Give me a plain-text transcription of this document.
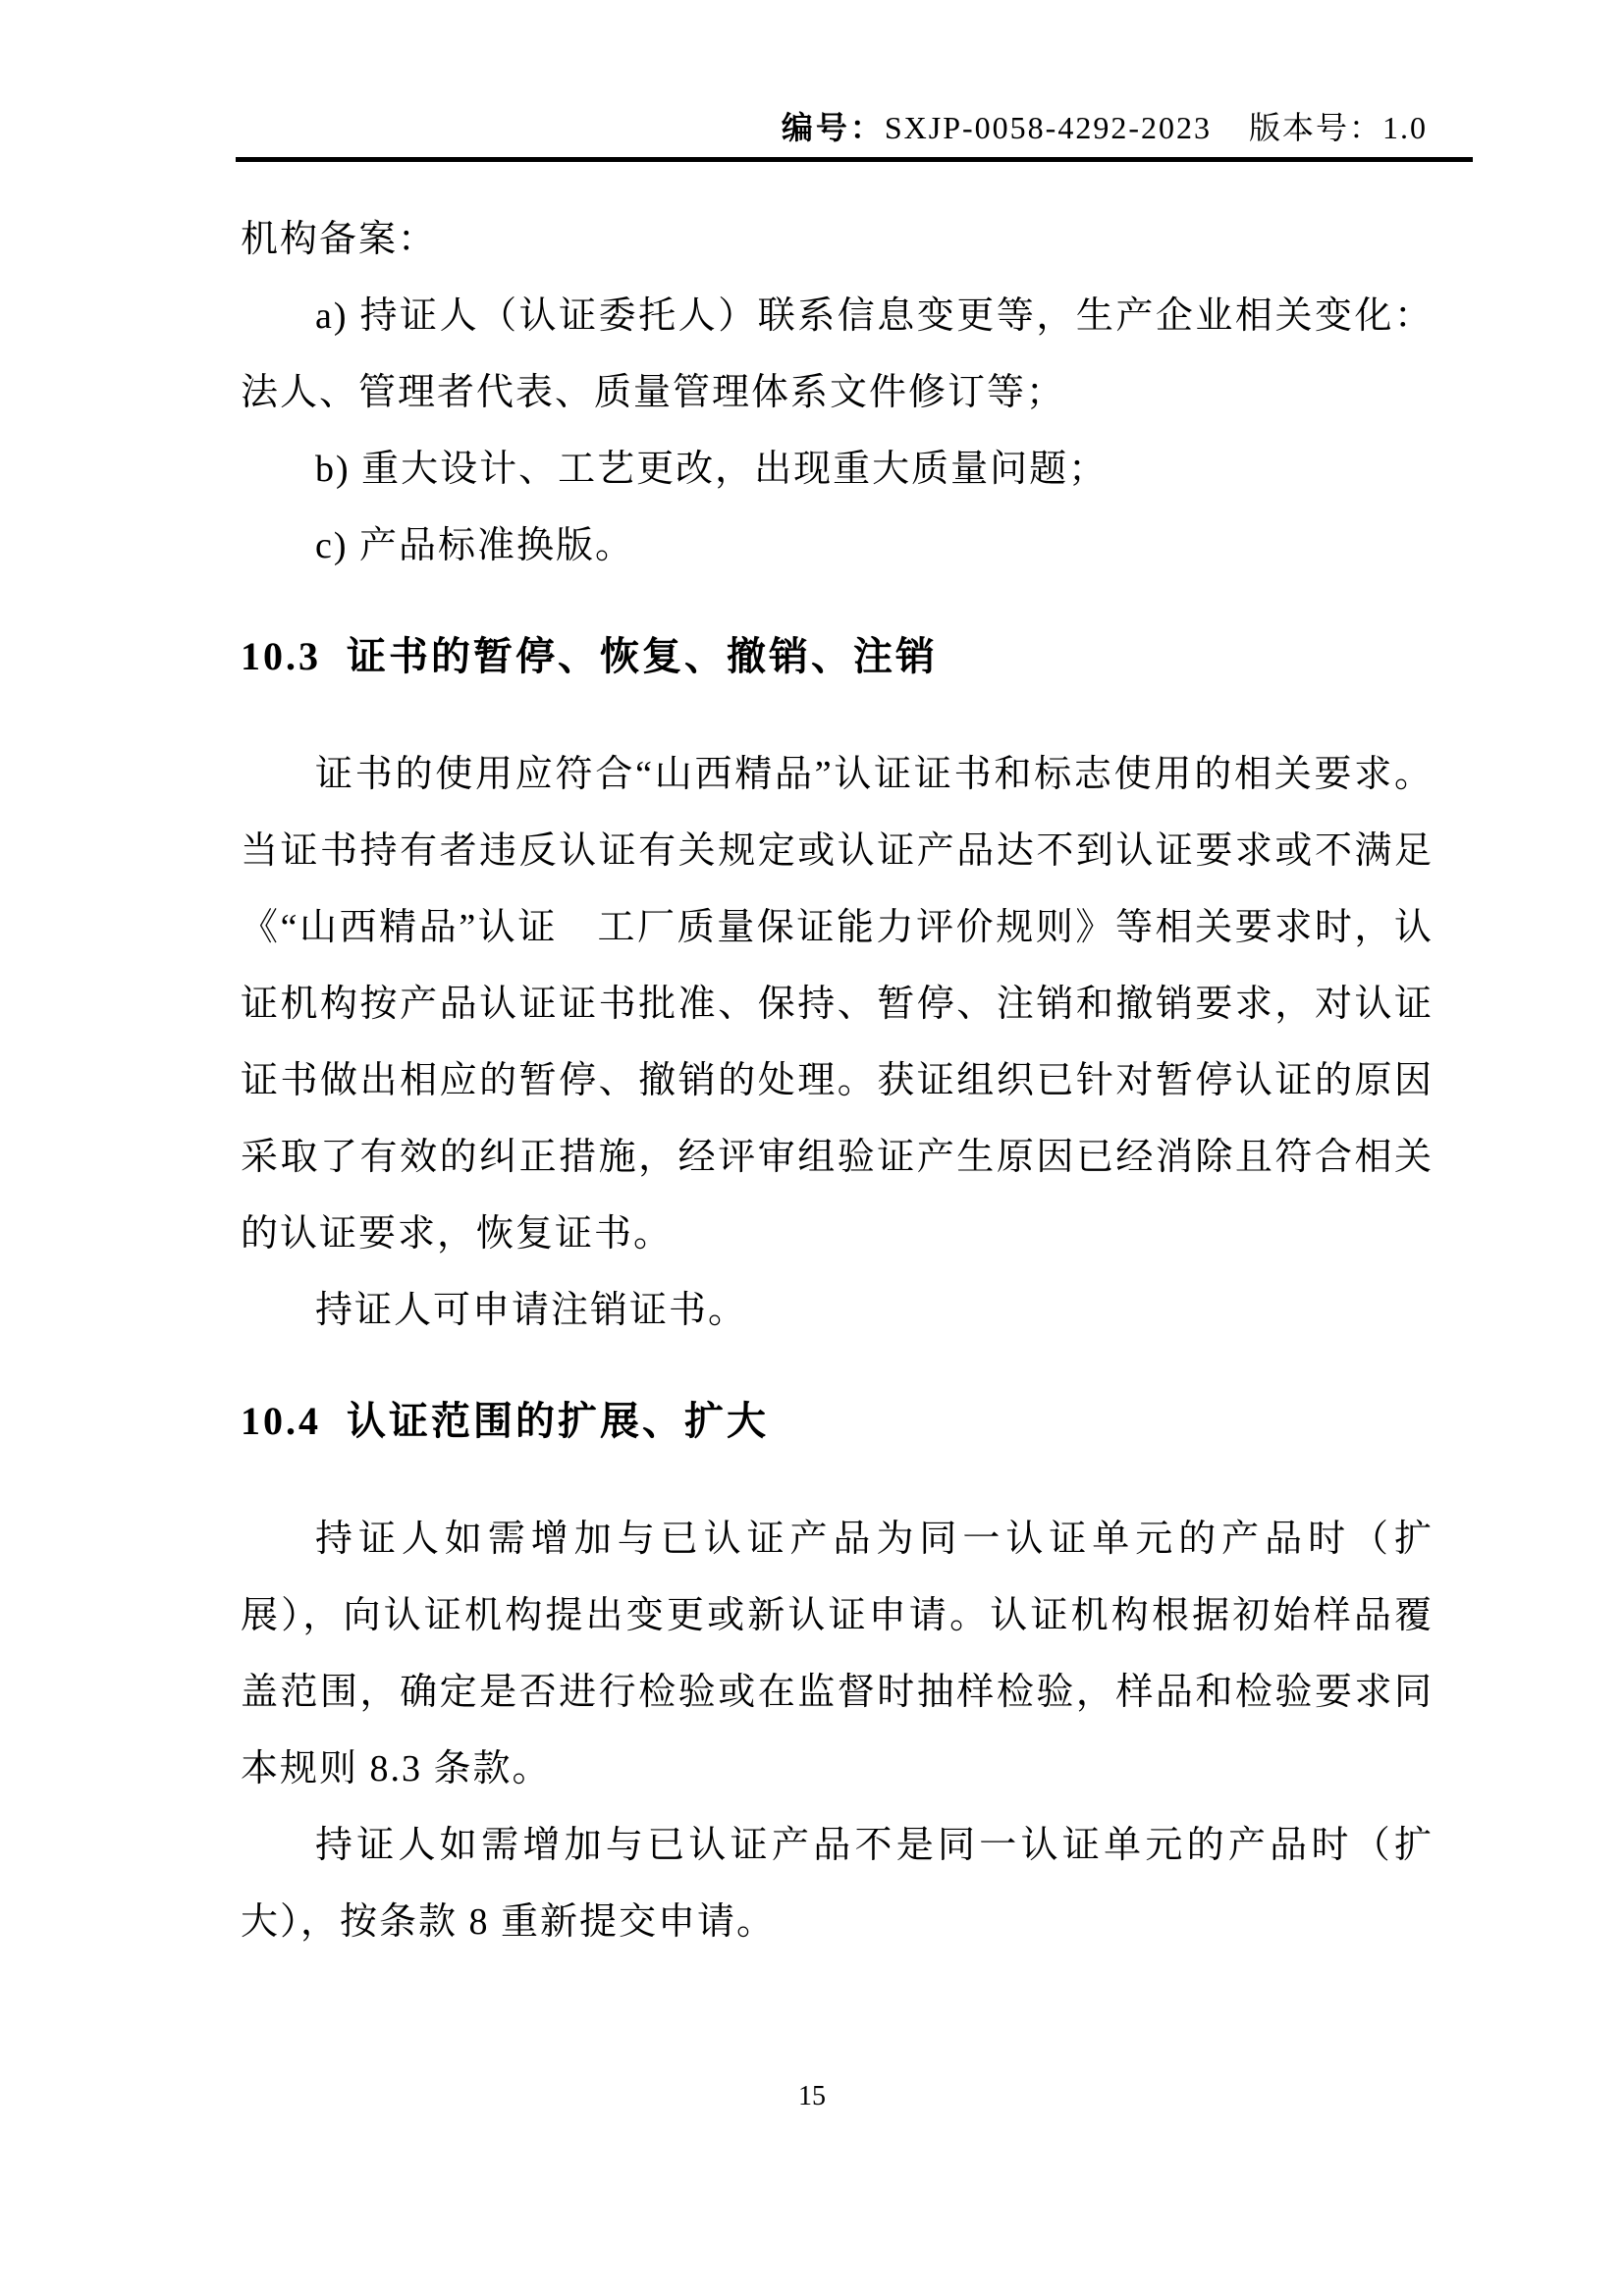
编号：SXJP-0058-4292-2023 版本号：1.0

机构备案：

a) 持证人（认证委托人）联系信息变更等，生产企业相关变化：法人、管理者代表、质量管理体系文件修订等；

b) 重大设计、工艺更改，出现重大质量问题；

c) 产品标准换版。

10.3 证书的暂停、恢复、撤销、注销

证书的使用应符合“山西精品”认证证书和标志使用的相关要求。当证书持有者违反认证有关规定或认证产品达不到认证要求或不满足《“山西精品”认证　工厂质量保证能力评价规则》等相关要求时，认证机构按产品认证证书批准、保持、暂停、注销和撤销要求，对认证证书做出相应的暂停、撤销的处理。获证组织已针对暂停认证的原因采取了有效的纠正措施，经评审组验证产生原因已经消除且符合相关的认证要求，恢复证书。

持证人可申请注销证书。

10.4 认证范围的扩展、扩大

持证人如需增加与已认证产品为同一认证单元的产品时（扩展），向认证机构提出变更或新认证申请。认证机构根据初始样品覆盖范围，确定是否进行检验或在监督时抽样检验，样品和检验要求同本规则 8.3 条款。

持证人如需增加与已认证产品不是同一认证单元的产品时（扩大），按条款 8 重新提交申请。

15
